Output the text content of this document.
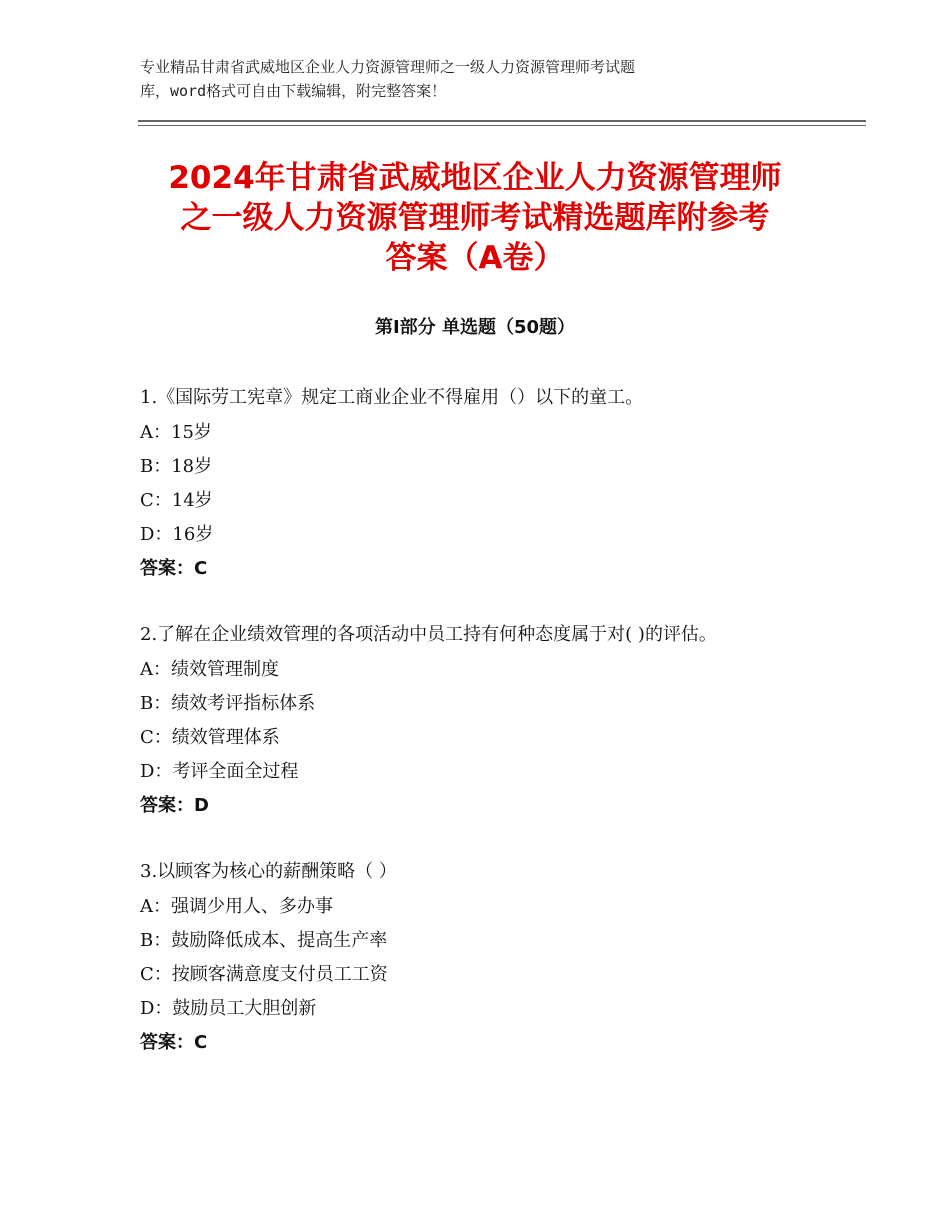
专业精品甘肃省武威地区企业人力资源管理师之一级人力资源管理师考试题
库，word格式可自由下载编辑，附完整答案！
2024年甘肃省武威地区企业人力资源管理师
之一级人力资源管理师考试精选题库附参考
答案（A卷）
第Ⅰ部分 单选题（50题）
1.《国际劳工宪章》规定工商业企业不得雇用（）以下的童工。
A：15岁
B：18岁
C：14岁
D：16岁
答案：C
2.了解在企业绩效管理的各项活动中员工持有何种态度属于对( )的评估。
A：绩效管理制度
B：绩效考评指标体系
C：绩效管理体系
D：考评全面全过程
答案：D
3.以顾客为核心的薪酬策略（ ）
A：强调少用人、多办事
B：鼓励降低成本、提高生产率
C：按顾客满意度支付员工工资
D：鼓励员工大胆创新
答案：C
